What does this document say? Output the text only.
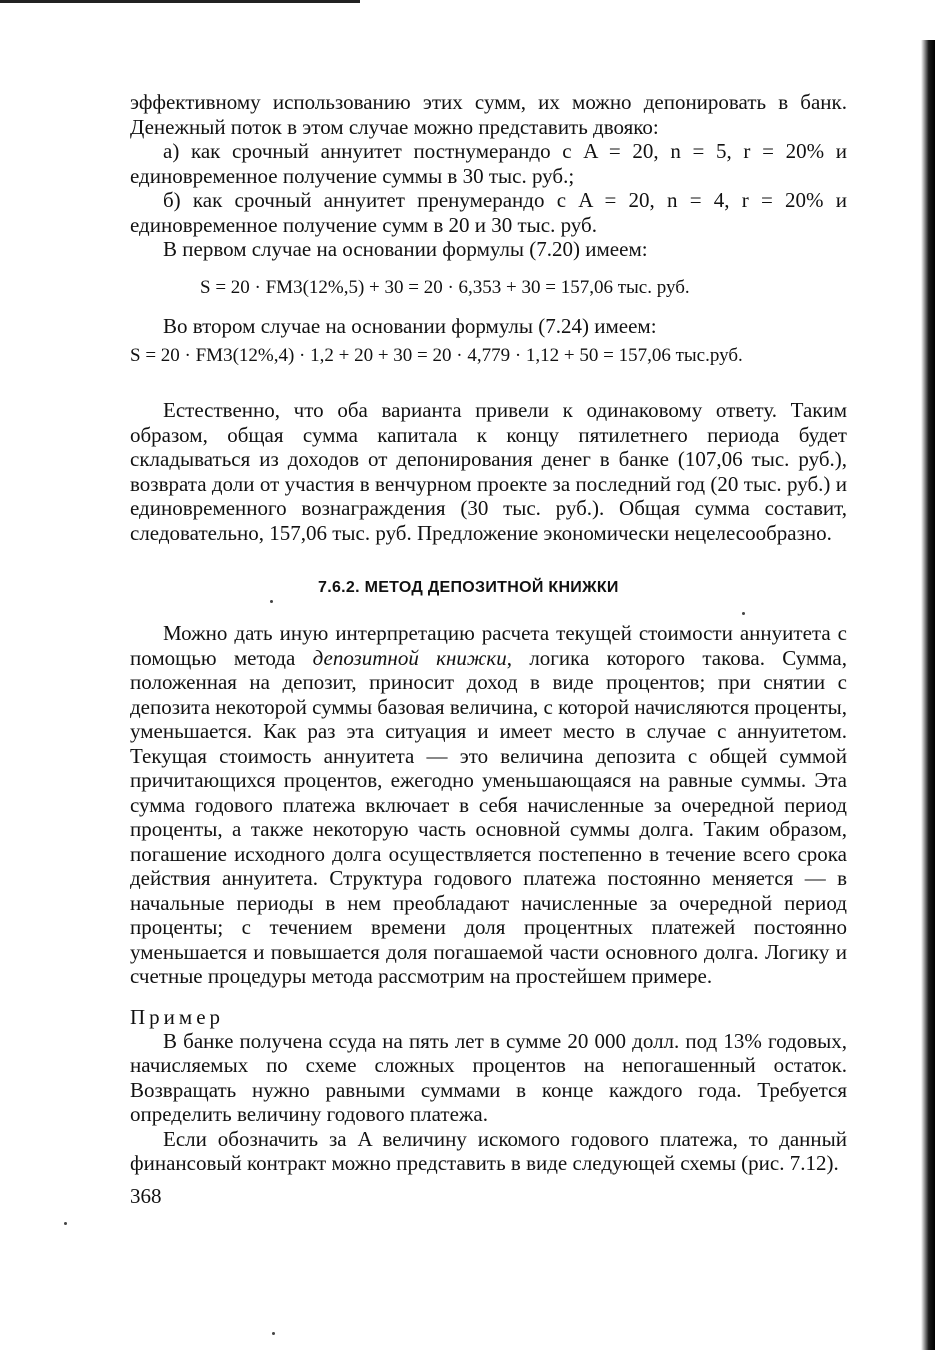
эффективному использованию этих сумм, их можно депонировать в банк. Денежный поток в этом случае можно представить двояко:

а) как срочный аннуитет постнумерандо с A = 20, n = 5, r = 20% и единовременное получение суммы в 30 тыс. руб.;

б) как срочный аннуитет пренумерандо с A = 20, n = 4, r = 20% и единовременное получение сумм в 20 и 30 тыс. руб.

В первом случае на основании формулы (7.20) имеем:

S = 20 · FM3(12%,5) + 30 = 20 · 6,353 + 30 = 157,06 тыс. руб.

Во втором случае на основании формулы (7.24) имеем:

S = 20 · FM3(12%,4) · 1,2 + 20 + 30 = 20 · 4,779 · 1,12 + 50 = 157,06 тыс.руб.

Естественно, что оба варианта привели к одинаковому ответу. Таким образом, общая сумма капитала к концу пятилетнего периода будет складываться из доходов от депонирования денег в банке (107,06 тыс. руб.), возврата доли от участия в венчурном проекте за последний год (20 тыс. руб.) и единовременного вознаграждения (30 тыс. руб.). Общая сумма составит, следовательно, 157,06 тыс. руб. Предложение экономически нецелесообразно.

7.6.2. МЕТОД ДЕПОЗИТНОЙ КНИЖКИ

Можно дать иную интерпретацию расчета текущей стоимости аннуитета с помощью метода депозитной книжки, логика которого такова. Сумма, положенная на депозит, приносит доход в виде процентов; при снятии с депозита некоторой суммы базовая величина, с которой начисляются проценты, уменьшается. Как раз эта ситуация и имеет место в случае с аннуитетом. Текущая стоимость аннуитета — это величина депозита с общей суммой причитающихся процентов, ежегодно уменьшающаяся на равные суммы. Эта сумма годового платежа включает в себя начисленные за очередной период проценты, а также некоторую часть основной суммы долга. Таким образом, погашение исходного долга осуществляется постепенно в течение всего срока действия аннуитета. Структура годового платежа постоянно меняется — в начальные периоды в нем преобладают начисленные за очередной период проценты; с течением времени доля процентных платежей постоянно уменьшается и повышается доля погашаемой части основного долга. Логику и счетные процедуры метода рассмотрим на простейшем примере.

Пример

В банке получена ссуда на пять лет в сумме 20 000 долл. под 13% годовых, начисляемых по схеме сложных процентов на непогашенный остаток. Возвращать нужно равными суммами в конце каждого года. Требуется определить величину годового платежа.

Если обозначить за A величину искомого годового платежа, то данный финансовый контракт можно представить в виде следующей схемы (рис. 7.12).

368
